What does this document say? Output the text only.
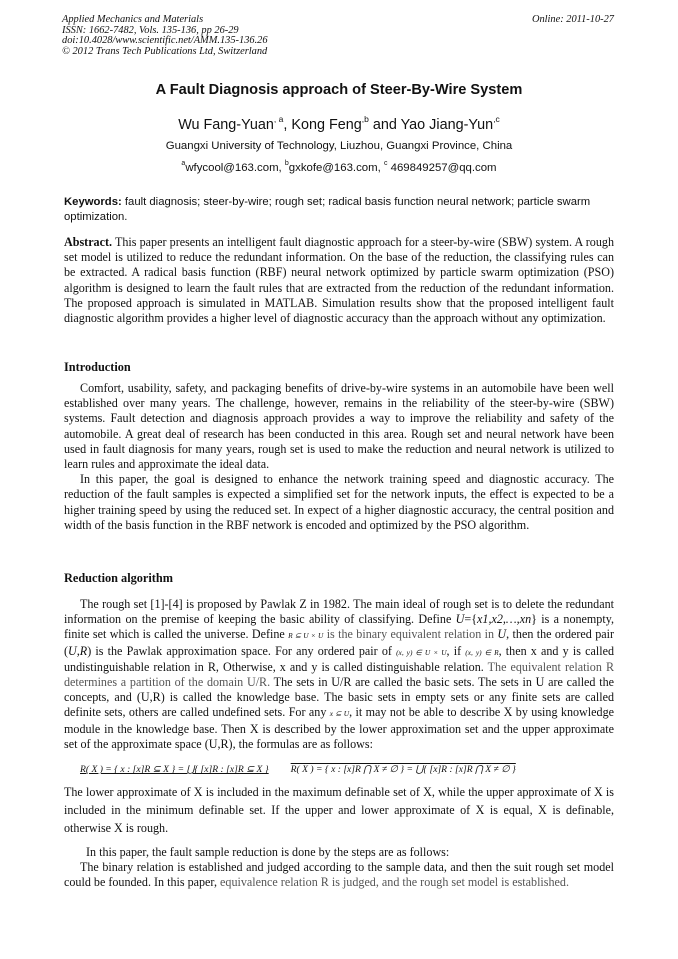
Applied Mechanics and Materials
ISSN: 1662-7482, Vols. 135-136, pp 26-29
doi:10.4028/www.scientific.net/AMM.135-136.26
© 2012 Trans Tech Publications Ltd, Switzerland
Online: 2011-10-27
A Fault Diagnosis approach of Steer-By-Wire System
Wu Fang-Yuan$^{, a}$, Kong Feng$^{,b}$ and Yao Jiang-Yun$^{,c}$
Guangxi University of Technology, Liuzhou, Guangxi Province, China
$^a$wfycool@163.com, $^b$gxkofe@163.com, $^c$ 469849257@qq.com
Keywords: fault diagnosis; steer-by-wire; rough set; radical basis function neural network; particle swarm optimization.

Abstract. This paper presents an intelligent fault diagnostic approach for a steer-by-wire (SBW) system. A rough set model is utilized to reduce the redundant information. On the base of the reduction, the classifying rules can be extracted. A radical basis function (RBF) neural network optimized by particle swarm optimization (PSO) algorithm is designed to learn the fault rules that are extracted from the reduction of the redundant information. The proposed approach is simulated in MATLAB. Simulation results show that the proposed intelligent fault diagnostic algorithm provides a higher level of diagnostic accuracy than the approach without any optimization.

Introduction

Comfort, usability, safety, and packaging benefits of drive-by-wire systems in an automobile have been well established over many years. The challenge, however, remains in the reliability of the steer-by-wire (SBW) systems. Fault detection and diagnosis approach provides a way to improve the reliability and safety of the automobile. A great deal of research has been conducted in this area. Rough set and neural network have been used in fault diagnosis for many years, rough set is used to make the reduction and neural network is utilized to learn rules and approximate the ideal data.

In this paper, the goal is designed to enhance the network training speed and diagnostic accuracy. The reduction of the fault samples is expected a simplified set for the network inputs, the effect is expected to be a higher training speed by using the reduced set. In expect of a higher diagnostic accuracy, the central position and width of the basis function in the RBF network is encoded and optimized by the PSO algorithm.

Reduction algorithm

The rough set [1]-[4] is proposed by Pawlak Z in 1982. The main ideal of rough set is to delete the redundant information on the premise of keeping the basic ability of classifying. Define U={x1,x2,…,xn} is a nonempty, finite set which is called the universe. Define R ⊆ U × U is the binary equivalent relation in U, then the ordered pair (U,R) is the Pawlak approximation space. For any ordered pair of (x, y) ∈ U × U, if (x, y) ∈ R, then x and y is called undistinguishable relation in R, Otherwise, x and y is called distinguishable relation. The equivalent relation R determines a partition of the domain U/R. The sets in U/R are called the basic sets. The sets in U are called the concepts, and (U,R) is called the knowledge base. The basic sets in empty sets or any finite sets are called definite sets, others are called undefined sets. For any x ⊆ U, it may not be able to describe X by using knowledge module in the knowledge base. Then X is described by the lower approximation set and the upper approximate set of the approximate space (U,R), the formulas are as follows:

R( X ) = { x : [x]R ⊆ X } = ⋃{ [x]R : [x]R ⊆ X } R( X ) = { x : [x]R ⋂ X ≠ ∅ } = ⋃{ [x]R : [x]R ⋂ X ≠ ∅ }

The lower approximate of X is included in the maximum definable set of X, while the upper approximate of X is included in the minimum definable set. If the upper and lower approximate of X is equal, X is definable, otherwise X is rough.

In this paper, the fault sample reduction is done by the steps are as follows:

The binary relation is established and judged according to the sample data, and then the suit rough set model could be founded. In this paper, equivalence relation R is judged, and the rough set model is established.
